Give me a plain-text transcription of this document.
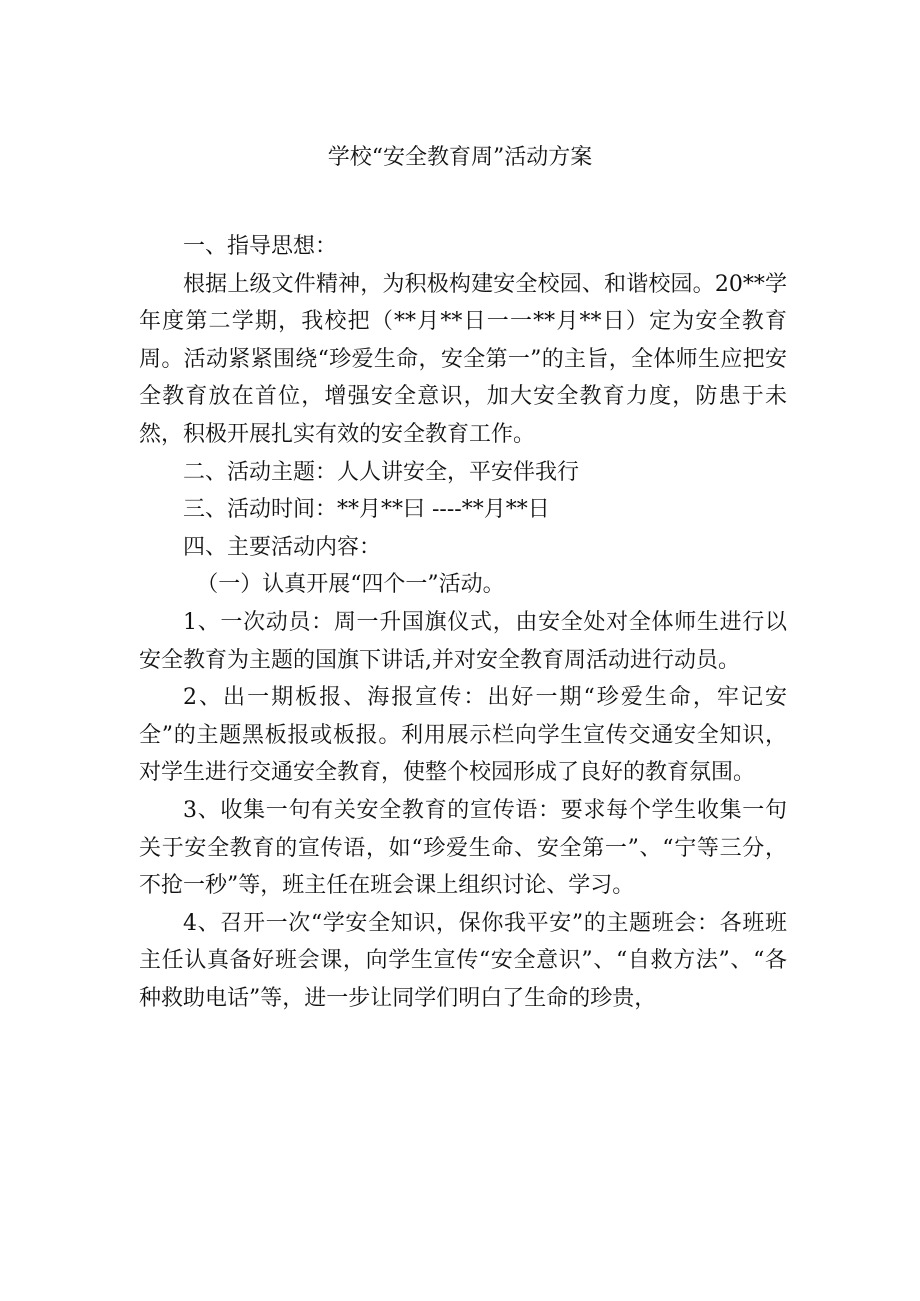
学校“安全教育周”活动方案

一、指导思想：

根据上级文件精神，为积极构建安全校园、和谐校园。20**学年度第二学期，我校把（**月**日一一**月**日）定为安全教育周。活动紧紧围绕“珍爱生命，安全第一”的主旨，全体师生应把安全教育放在首位，增强安全意识，加大安全教育力度，防患于未然，积极开展扎实有效的安全教育工作。

二、活动主题：人人讲安全，平安伴我行

三、活动时间：**月**曰 ----**月**日

四、主要活动内容：

（一）认真开展“四个一”活动。

1、一次动员：周一升国旗仪式，由安全处对全体师生进行以安全教育为主题的国旗下讲话,并对安全教育周活动进行动员。

2、出一期板报、海报宣传：出好一期“珍爱生命，牢记安全”的主题黑板报或板报。利用展示栏向学生宣传交通安全知识，对学生进行交通安全教育，使整个校园形成了良好的教育氛围。

3、收集一句有关安全教育的宣传语：要求每个学生收集一句关于安全教育的宣传语，如“珍爱生命、安全第一”、“宁等三分，不抢一秒”等，班主任在班会课上组织讨论、学习。

4、召开一次“学安全知识，保你我平安”的主题班会：各班班主任认真备好班会课，向学生宣传“安全意识”、“自救方法”、“各种救助电话”等，进一步让同学们明白了生命的珍贵，
